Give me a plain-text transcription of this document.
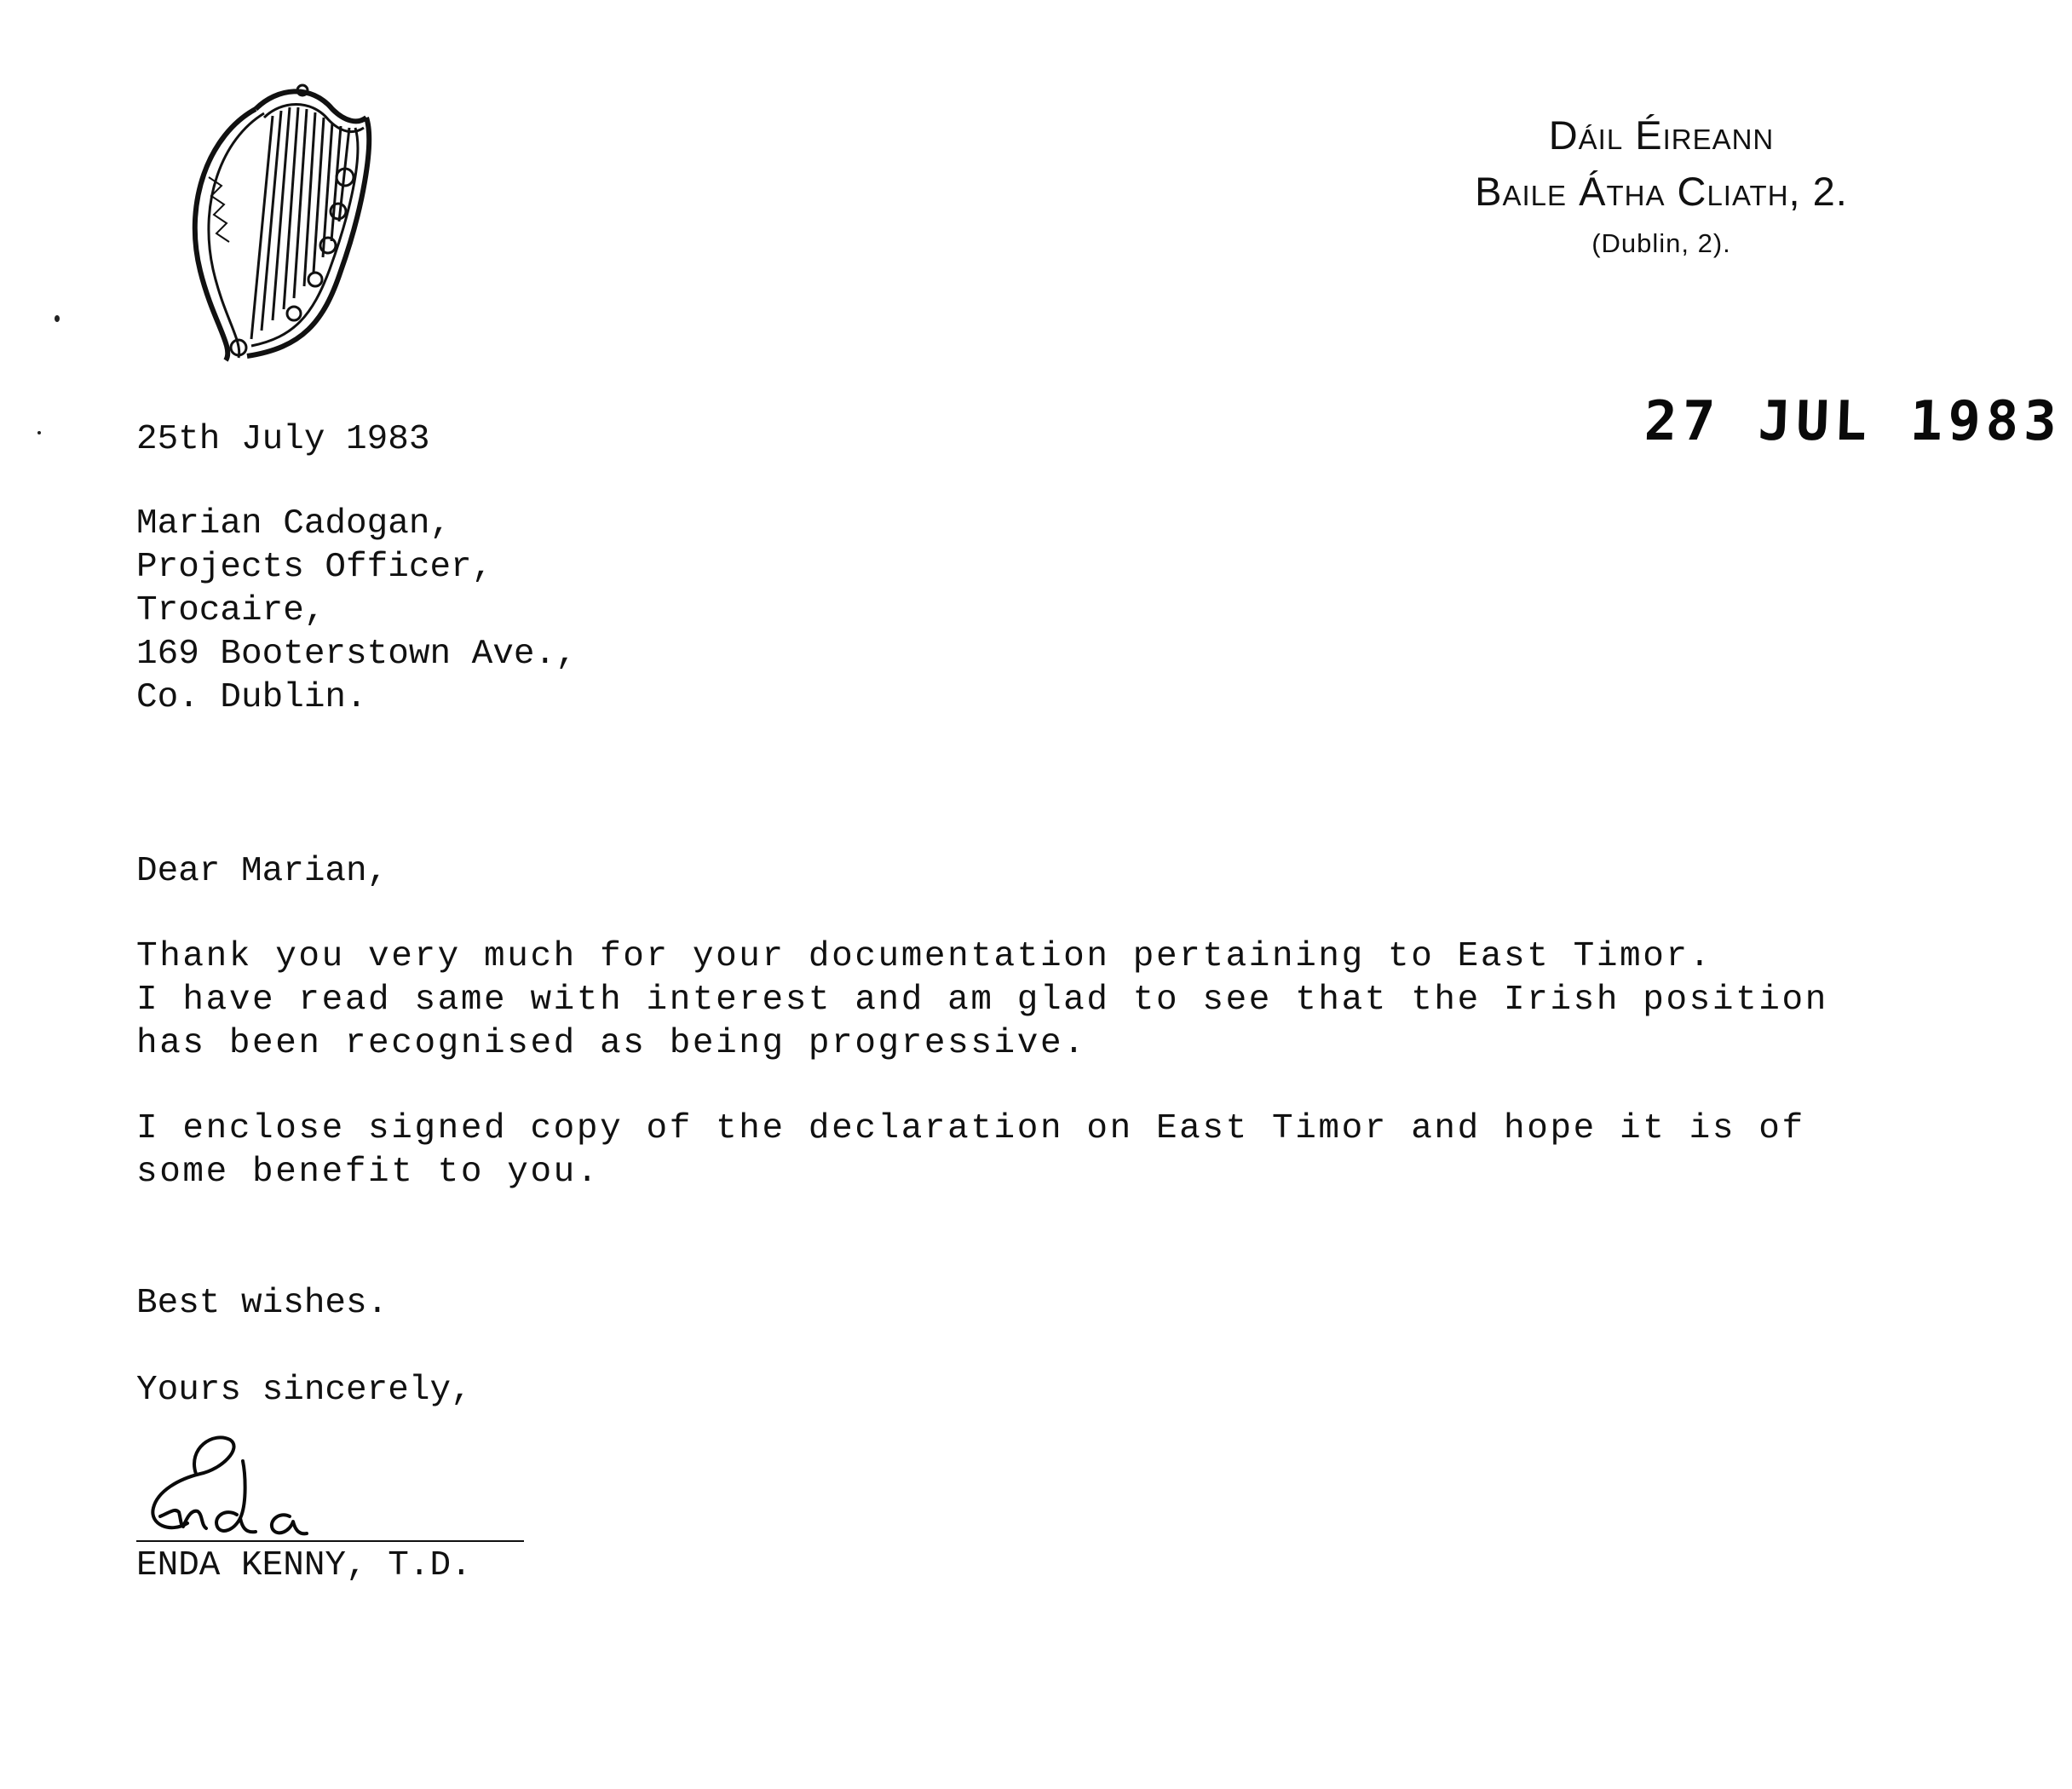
Dáil Éireann
Baile Átha Cliath, 2.
(Dublin, 2).
27 JUL 1983
25th July 1983
Marian Cadogan,
Projects Officer,
Trocaire,
169 Booterstown Ave.,
Co. Dublin.
Dear Marian,
Thank you very much for your documentation pertaining to East Timor.
I have read same with interest and am glad to see that the Irish position
has been recognised as being progressive.
I enclose signed copy of the declaration on East Timor and hope it is of
some benefit to you.
Best wishes.
Yours sincerely,
ENDA KENNY, T.D.
